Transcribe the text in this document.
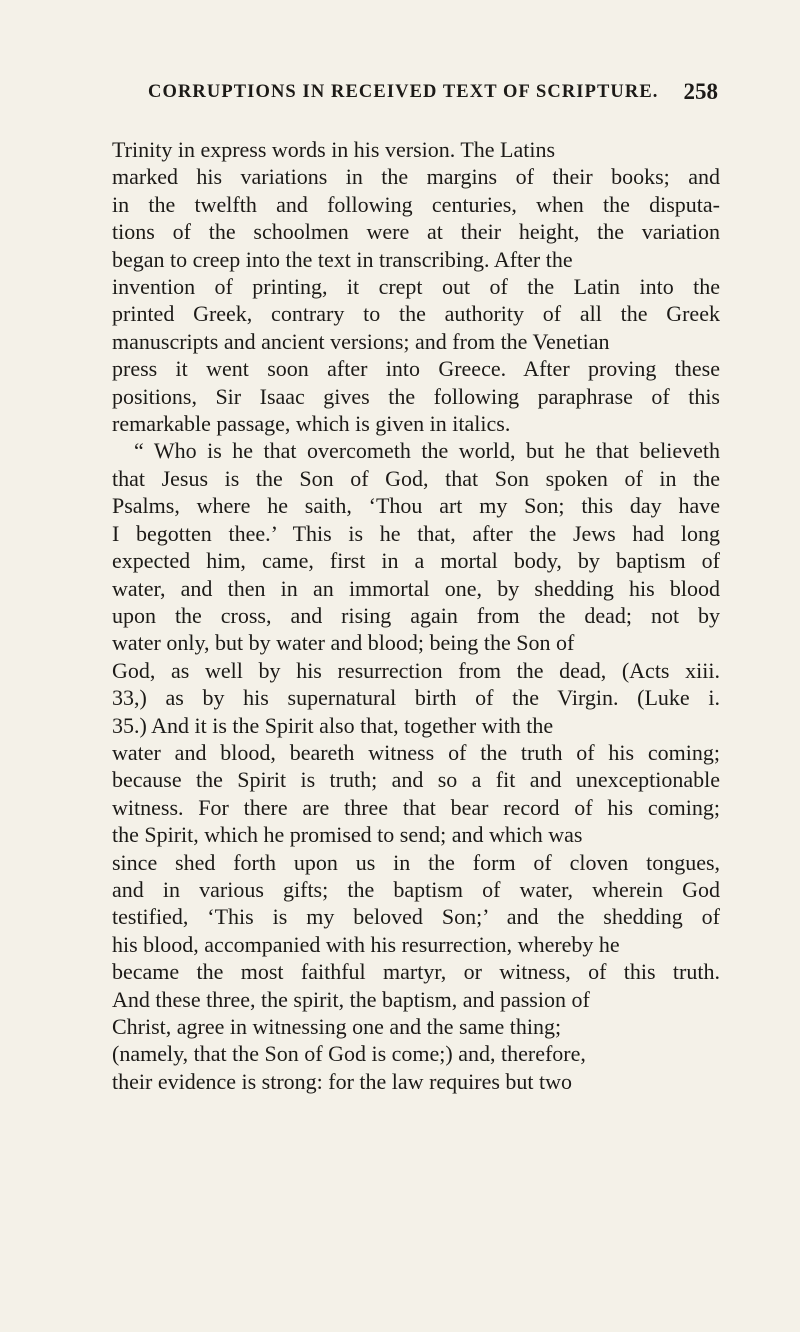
CORRUPTIONS IN RECEIVED TEXT OF SCRIPTURE. 258
Trinity in express words in his version. The Latins
marked his variations in the margins of their books; and
in the twelfth and following centuries, when the disputa-
tions of the schoolmen were at their height, the variation
began to creep into the text in transcribing. After the
invention of printing, it crept out of the Latin into the
printed Greek, contrary to the authority of all the Greek
manuscripts and ancient versions; and from the Venetian
press it went soon after into Greece. After proving these
positions, Sir Isaac gives the following paraphrase of this
remarkable passage, which is given in italics.
“ Who is he that overcometh the world, but he that believeth
that Jesus is the Son of God, that Son spoken of in the
Psalms, where he saith, ‘Thou art my Son; this day have
I begotten thee.’ This is he that, after the Jews had long
expected him, came, first in a mortal body, by baptism of
water, and then in an immortal one, by shedding his blood
upon the cross, and rising again from the dead; not by
water only, but by water and blood; being the Son of
God, as well by his resurrection from the dead, (Acts xiii.
33,) as by his supernatural birth of the Virgin. (Luke i.
35.) And it is the Spirit also that, together with the
water and blood, beareth witness of the truth of his coming;
because the Spirit is truth; and so a fit and unexceptionable
witness. For there are three that bear record of his coming;
the Spirit, which he promised to send; and which was
since shed forth upon us in the form of cloven tongues,
and in various gifts; the baptism of water, wherein God
testified, ‘This is my beloved Son;’ and the shedding of
his blood, accompanied with his resurrection, whereby he
became the most faithful martyr, or witness, of this truth.
And these three, the spirit, the baptism, and passion of
Christ, agree in witnessing one and the same thing;
(namely, that the Son of God is come;) and, therefore,
their evidence is strong: for the law requires but two
